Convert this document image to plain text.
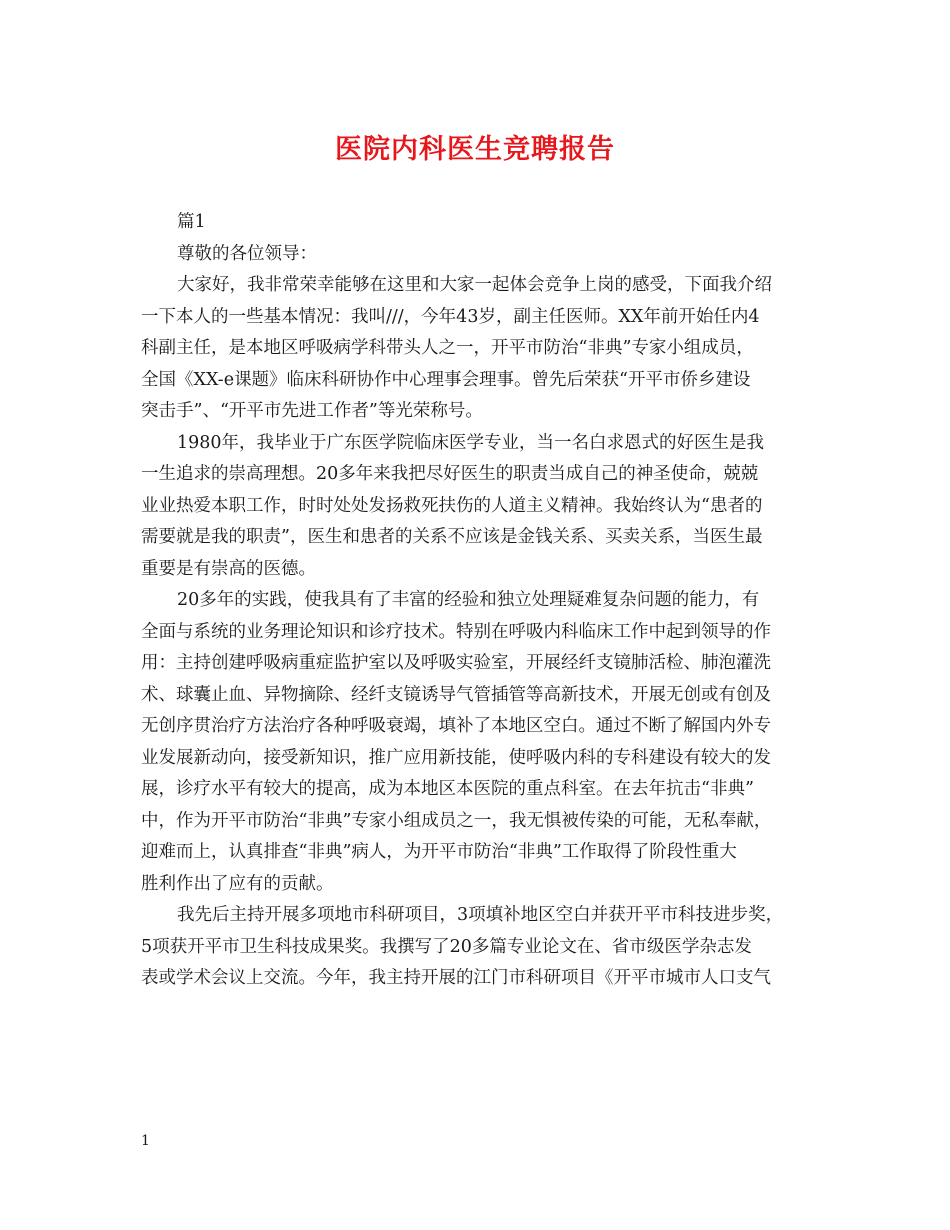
医院内科医生竞聘报告
篇1
尊敬的各位领导：
大家好，我非常荣幸能够在这里和大家一起体会竞争上岗的感受，下面我介绍
一下本人的一些基本情况：我叫///，今年43岁，副主任医师。XX年前开始任内4
科副主任，是本地区呼吸病学科带头人之一，开平市防治“非典”专家小组成员，
全国《XX-e课题》临床科研协作中心理事会理事。曾先后荣获“开平市侨乡建设
突击手”、“开平市先进工作者”等光荣称号。
1980年，我毕业于广东医学院临床医学专业，当一名白求恩式的好医生是我
一生追求的崇高理想。20多年来我把尽好医生的职责当成自己的神圣使命，兢兢
业业热爱本职工作，时时处处发扬救死扶伤的人道主义精神。我始终认为“患者的
需要就是我的职责”，医生和患者的关系不应该是金钱关系、买卖关系，当医生最
重要是有崇高的医德。
20多年的实践，使我具有了丰富的经验和独立处理疑难复杂问题的能力，有
全面与系统的业务理论知识和诊疗技术。特别在呼吸内科临床工作中起到领导的作
用：主持创建呼吸病重症监护室以及呼吸实验室，开展经纤支镜肺活检、肺泡灌洗
术、球囊止血、异物摘除、经纤支镜诱导气管插管等高新技术，开展无创或有创及
无创序贯治疗方法治疗各种呼吸衰竭，填补了本地区空白。通过不断了解国内外专
业发展新动向，接受新知识，推广应用新技能，使呼吸内科的专科建设有较大的发
展，诊疗水平有较大的提高，成为本地区本医院的重点科室。在去年抗击“非典”
中，作为开平市防治“非典”专家小组成员之一，我无惧被传染的可能，无私奉献，
迎难而上，认真排查“非典”病人，为开平市防治“非典”工作取得了阶段性重大
胜利作出了应有的贡献。
我先后主持开展多项地市科研项目，3项填补地区空白并获开平市科技进步奖，
5项获开平市卫生科技成果奖。我撰写了20多篇专业论文在、省市级医学杂志发
表或学术会议上交流。今年，我主持开展的江门市科研项目《开平市城市人口支气
1
